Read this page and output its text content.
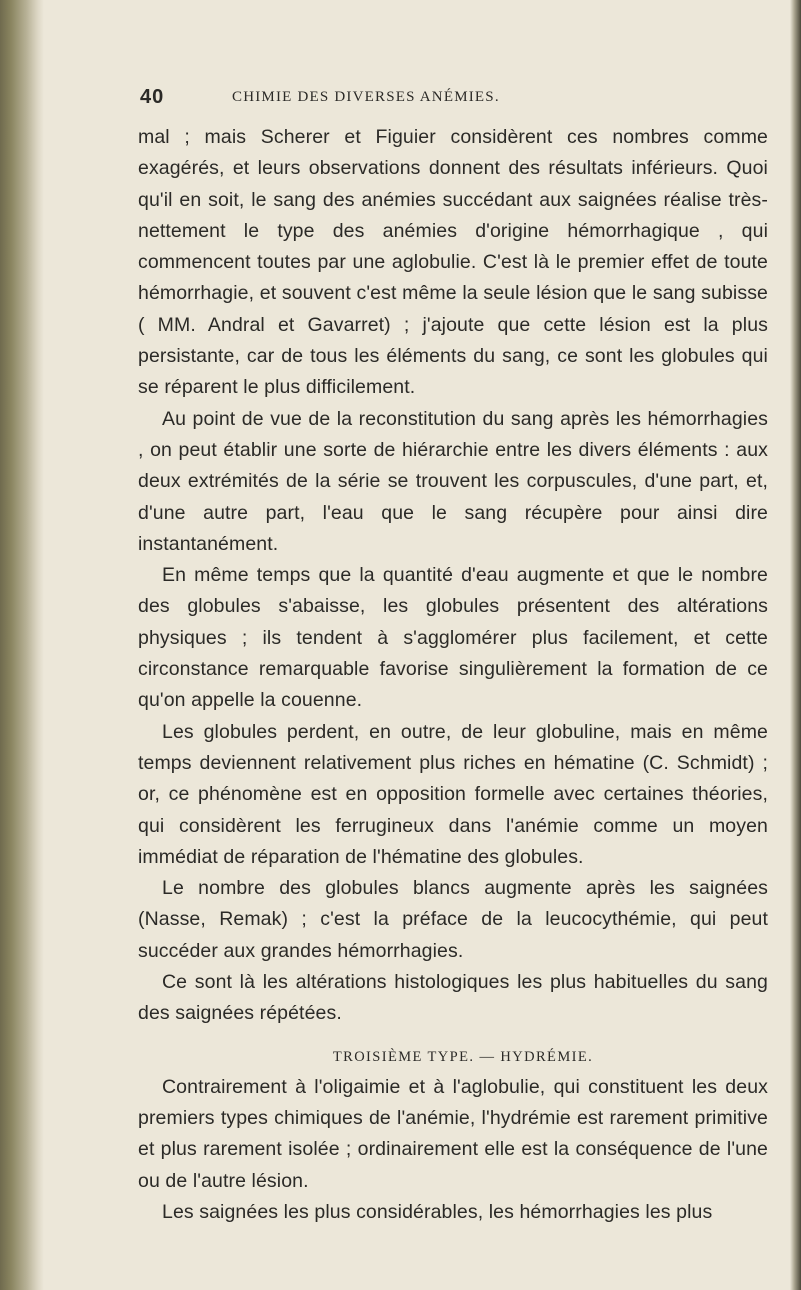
40	CHIMIE DES DIVERSES ANÉMIES.

mal ; mais Scherer et Figuier considèrent ces nombres comme exagérés, et leurs observations donnent des résultats inférieurs. Quoi qu'il en soit, le sang des anémies succédant aux saignées réalise très-nettement le type des anémies d'origine hémorrhagique , qui commencent toutes par une aglobulie. C'est là le premier effet de toute hémorrhagie, et souvent c'est même la seule lésion que le sang subisse ( MM. Andral et Gavarret) ; j'ajoute que cette lésion est la plus persistante, car de tous les éléments du sang, ce sont les globules qui se réparent le plus difficilement.

Au point de vue de la reconstitution du sang après les hémorrhagies , on peut établir une sorte de hiérarchie entre les divers éléments : aux deux extrémités de la série se trouvent les corpuscules, d'une part, et, d'une autre part, l'eau que le sang récupère pour ainsi dire instantanément.

En même temps que la quantité d'eau augmente et que le nombre des globules s'abaisse, les globules présentent des altérations physiques ; ils tendent à s'agglomérer plus facilement, et cette circonstance remarquable favorise singulièrement la formation de ce qu'on appelle la couenne.

Les globules perdent, en outre, de leur globuline, mais en même temps deviennent relativement plus riches en hématine (C. Schmidt) ; or, ce phénomène est en opposition formelle avec certaines théories, qui considèrent les ferrugineux dans l'anémie comme un moyen immédiat de réparation de l'hématine des globules.

Le nombre des globules blancs augmente après les saignées (Nasse, Remak) ; c'est la préface de la leucocythémie, qui peut succéder aux grandes hémorrhagies.

Ce sont là les altérations histologiques les plus habituelles du sang des saignées répétées.

TROISIÈME TYPE. — HYDRÉMIE.

Contrairement à l'oligaimie et à l'aglobulie, qui constituent les deux premiers types chimiques de l'anémie, l'hydrémie est rarement primitive et plus rarement isolée ; ordinairement elle est la conséquence de l'une ou de l'autre lésion.

Les saignées les plus considérables, les hémorrhagies les plus
